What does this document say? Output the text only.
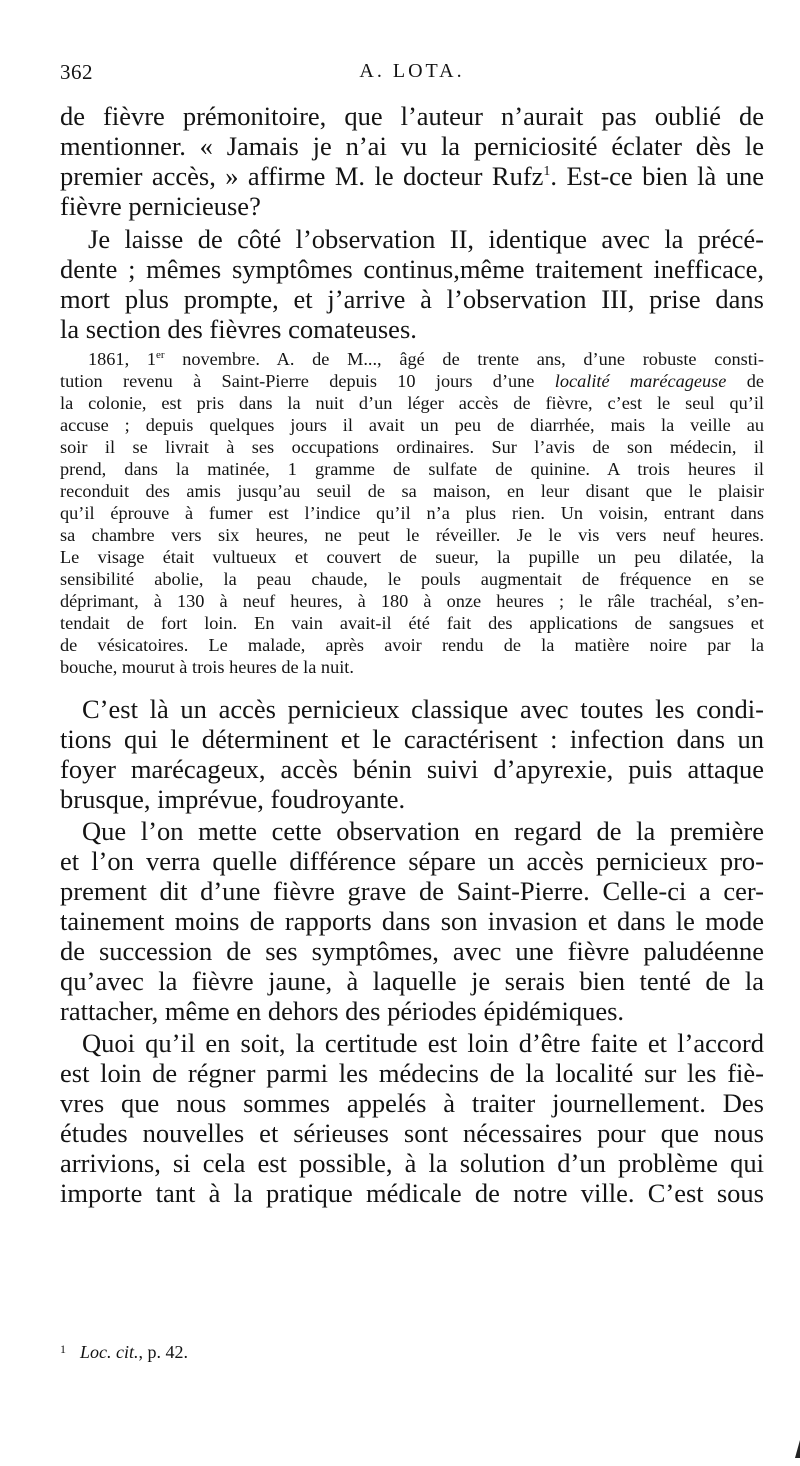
362	A. LOTA.
de fièvre prémonitoire, que l’auteur n’aurait pas oublié de
mentionner. « Jamais je n’ai vu la perniciosité éclater dès le
premier accès, » affirme M. le docteur Rufz$^1$. Est-ce bien là une
fièvre pernicieuse?
Je laisse de côté l’observation II, identique avec la précé-
dente ; mêmes symptômes continus,même traitement inefficace,
mort plus prompte, et j’arrive à l’observation III, prise dans
la section des fièvres comateuses.
1861, 1er novembre. A. de M..., âgé de trente ans, d’une robuste consti-
tution revenu à Saint-Pierre depuis 10 jours d’une localité marécageuse de
la colonie, est pris dans la nuit d’un léger accès de fièvre, c’est le seul qu’il
accuse ; depuis quelques jours il avait un peu de diarrhée, mais la veille au
soir il se livrait à ses occupations ordinaires. Sur l’avis de son médecin, il
prend, dans la matinée, 1 gramme de sulfate de quinine. A trois heures il
reconduit des amis jusqu’au seuil de sa maison, en leur disant que le plaisir
qu’il éprouve à fumer est l’indice qu’il n’a plus rien. Un voisin, entrant dans
sa chambre vers six heures, ne peut le réveiller. Je le vis vers neuf heures.
Le visage était vultueux et couvert de sueur, la pupille un peu dilatée, la
sensibilité abolie, la peau chaude, le pouls augmentait de fréquence en se
déprimant, à 130 à neuf heures, à 180 à onze heures ; le râle trachéal, s’en-
tendait de fort loin. En vain avait-il été fait des applications de sangsues et
de vésicatoires. Le malade, après avoir rendu de la matière noire par la
bouche, mourut à trois heures de la nuit.
C’est là un accès pernicieux classique avec toutes les condi-
tions qui le déterminent et le caractérisent : infection dans un
foyer marécageux, accès bénin suivi d’apyrexie, puis attaque
brusque, imprévue, foudroyante.
Que l’on mette cette observation en regard de la première
et l’on verra quelle différence sépare un accès pernicieux pro-
prement dit d’une fièvre grave de Saint-Pierre. Celle-ci a cer-
tainement moins de rapports dans son invasion et dans le mode
de succession de ses symptômes, avec une fièvre paludéenne
qu’avec la fièvre jaune, à laquelle je serais bien tenté de la
rattacher, même en dehors des périodes épidémiques.
Quoi qu’il en soit, la certitude est loin d’être faite et l’accord
est loin de régner parmi les médecins de la localité sur les fiè-
vres que nous sommes appelés à traiter journellement. Des
études nouvelles et sérieuses sont nécessaires pour que nous
arrivions, si cela est possible, à la solution d’un problème qui
importe tant à la pratique médicale de notre ville. C’est sous
$^1$ Loc. cit., p. 42.
